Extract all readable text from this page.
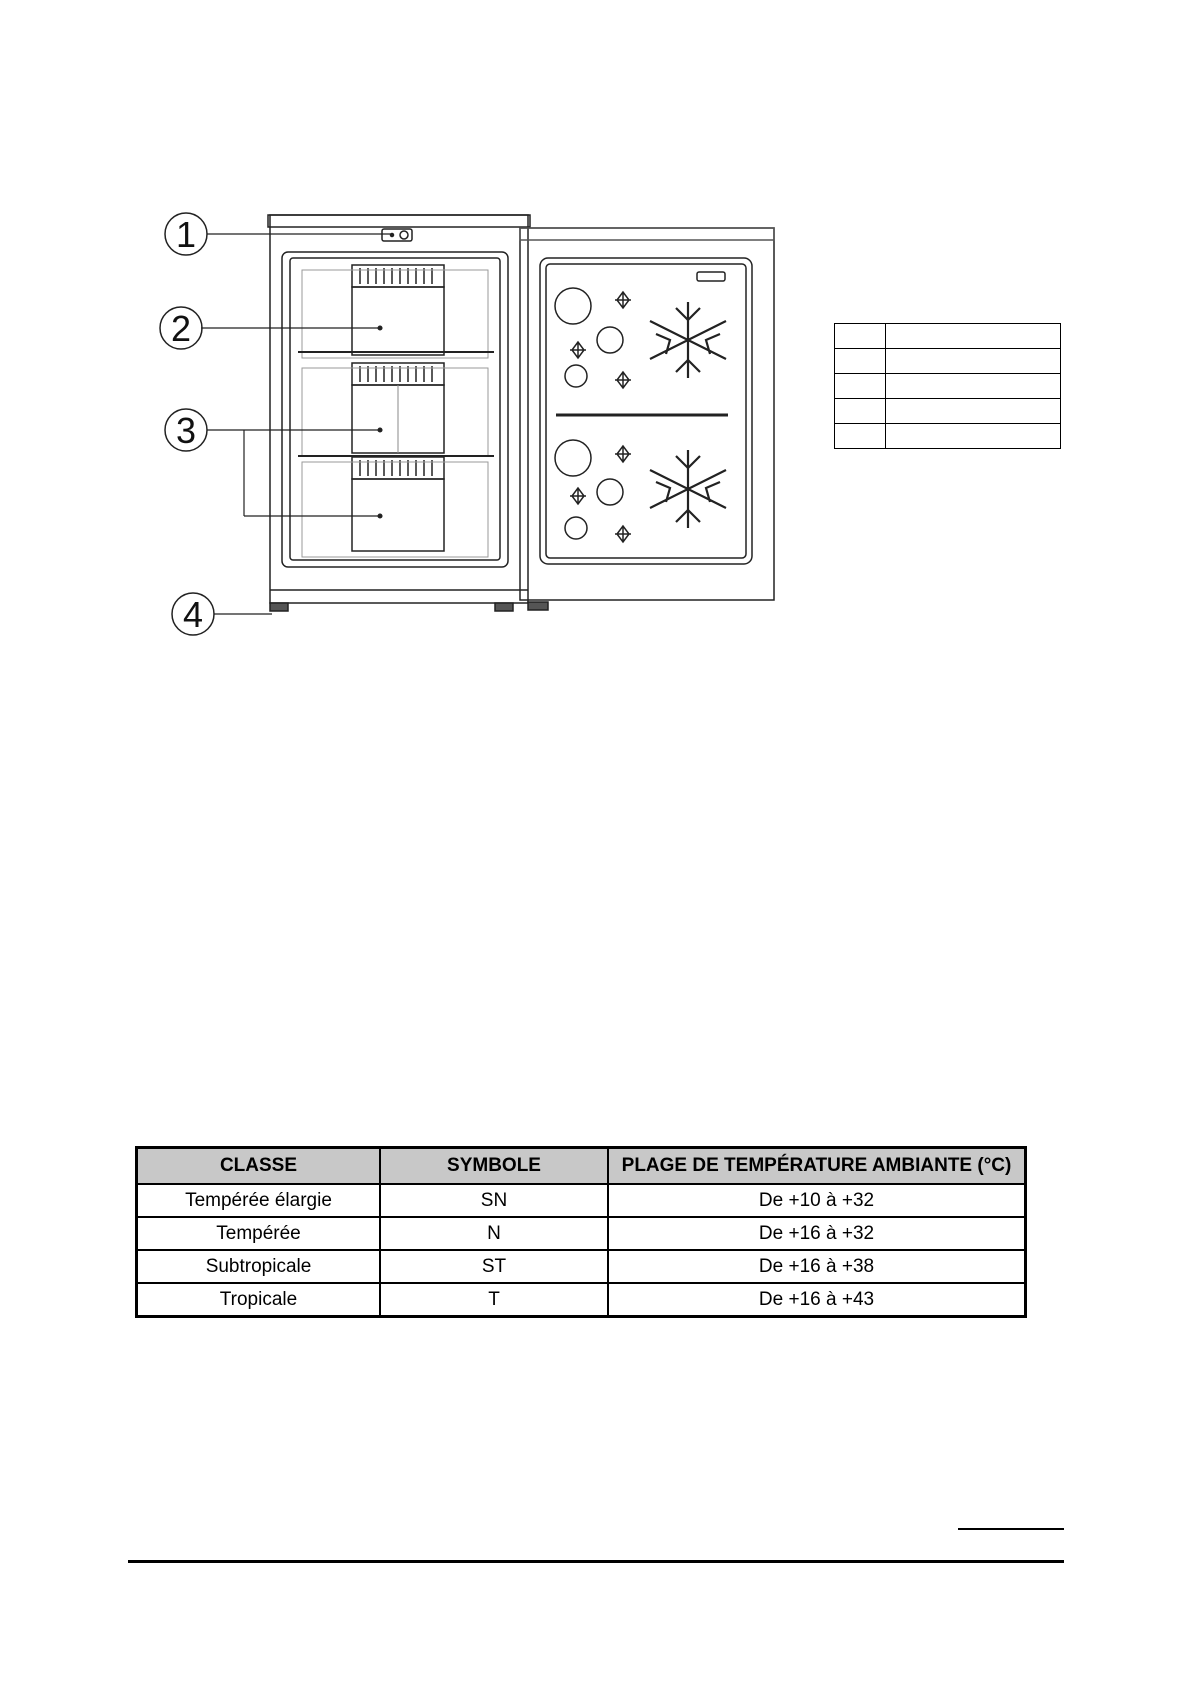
1
2
3
4

CLASSE	SYMBOLE	PLAGE DE TEMPÉRATURE AMBIANTE (°C)
Tempérée élargie	SN	De +10 à +32
Tempérée	N	De +16 à +32
Subtropicale	ST	De +16 à +38
Tropicale	T	De +16 à +43
